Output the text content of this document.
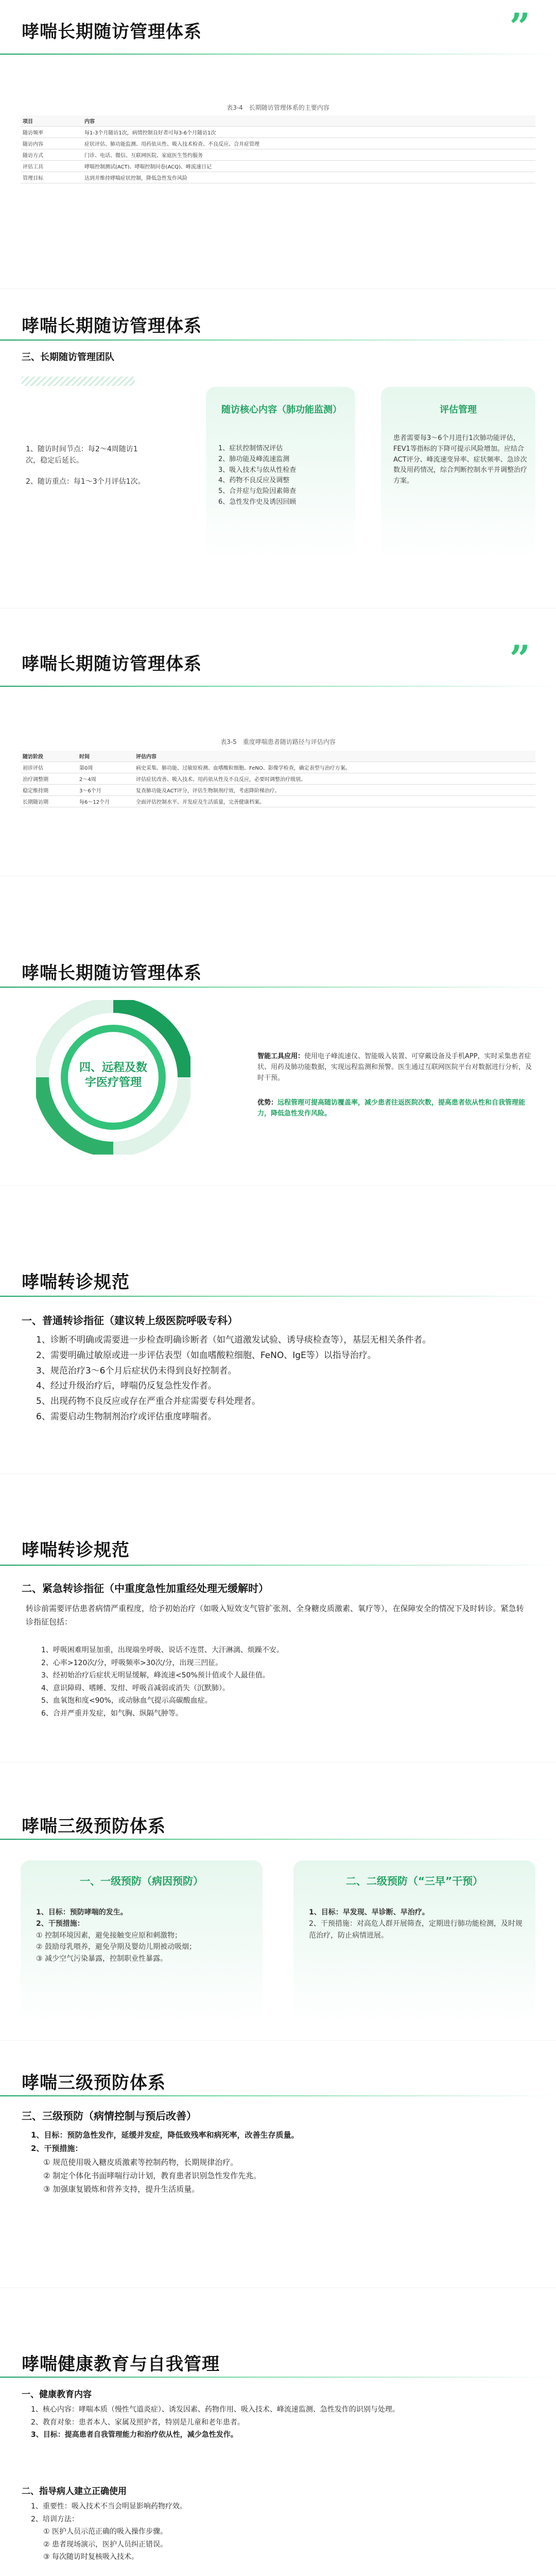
哮喘长期随访管理体系	”
表3-4　长期随访管理体系的主要内容
项目	内容
随访频率	每1-3个月随访1次，病情控制良好者可每3-6个月随访1次
随访内容	症状评估、肺功能监测、用药依从性、吸入技术检查、不良反应、合并症管理
随访方式	门诊、电话、微信、互联网医院、家庭医生签约服务
评估工具	哮喘控制测试(ACT)、哮喘控制问卷(ACQ)、峰流速日记
管理目标	达到并维持哮喘症状控制，降低急性发作风险
哮喘长期随访管理体系
三、长期随访管理团队

1、随访时间节点：每2～4周随访1次，稳定后延长。

2、随访重点：每1～3个月评估1次。

随访核心内容（肺功能监测）

1、症状控制情况评估

2、肺功能及峰流速监测

3、吸入技术与依从性检查

4、药物不良反应及调整

5、合并症与危险因素筛查

6、急性发作史及诱因回顾

评估管理
患者需要每3～6个月进行1次肺功能评估，FEV1等指标的下降可提示风险增加。应结合ACT评分、峰流速变异率、症状频率、急诊次数及用药情况，综合判断控制水平并调整治疗方案。
哮喘长期随访管理体系	”
表3-5　重度哮喘患者随访路径与评估内容
随访阶段	时间	评估内容
初诊评估	第0周	病史采集、肺功能、过敏原检测、血嗜酸粒细胞、FeNO、影像学检查，确定表型与治疗方案。
治疗调整期	2～4周	评估症状改善、吸入技术、用药依从性及不良反应，必要时调整治疗级别。
稳定维持期	3～6个月	复查肺功能及ACT评分，评估生物制剂疗效，考虑降阶梯治疗。
长期随访期	每6～12个月	全面评估控制水平、并发症及生活质量，完善健康档案。
哮喘长期随访管理体系
四、远程及数字医疗管理
智能工具应用：使用电子峰流速仪、智能吸入装置、可穿戴设备及手机APP，实时采集患者症状、用药及肺功能数据，实现远程监测和预警。医生通过互联网医院平台对数据进行分析，及时干预。
优势：远程管理可提高随访覆盖率，减少患者往返医院次数，提高患者依从性和自我管理能力，降低急性发作风险。
哮喘转诊规范
一、普通转诊指征（建议转上级医院呼吸专科）
1、诊断不明确或需要进一步检查明确诊断者（如气道激发试验、诱导痰检查等），基层无相关条件者。
2、需要明确过敏原或进一步评估表型（如血嗜酸粒细胞、FeNO、IgE等）以指导治疗。
3、规范治疗3～6个月后症状仍未得到良好控制者。
4、经过升级治疗后，哮喘仍反复急性发作者。
5、出现药物不良反应或存在严重合并症需要专科处理者。
6、需要启动生物制剂治疗或评估重度哮喘者。
哮喘转诊规范
二、紧急转诊指征（中重度急性加重经处理无缓解时）
转诊前需要评估患者病情严重程度，给予初始治疗（如吸入短效支气管扩张剂、全身糖皮质激素、氧疗等），在保障安全的情况下及时转诊。紧急转诊指征包括：
1、呼吸困难明显加重，出现端坐呼吸、说话不连贯、大汗淋漓、烦躁不安。
2、心率>120次/分，呼吸频率>30次/分，出现三凹征。
3、经初始治疗后症状无明显缓解，峰流速<50%预计值或个人最佳值。
4、意识障碍、嗜睡、发绀、呼吸音减弱或消失（沉默肺）。
5、血氧饱和度<90%，或动脉血气提示高碳酸血症。
6、合并严重并发症，如气胸、纵隔气肿等。
哮喘三级预防体系
一、一级预防（病因预防）

1、目标：预防哮喘的发生。

2、干预措施：

① 控制环境因素，避免接触变应原和刺激物；

② 鼓励母乳喂养，避免孕期及婴幼儿期被动吸烟；

③ 减少空气污染暴露，控制职业性暴露。

二、二级预防（“三早”干预）

1、目标：早发现、早诊断、早治疗。

2、干预措施：对高危人群开展筛查，定期进行肺功能检测，及时规范治疗，防止病情进展。

哮喘三级预防体系
三、三级预防（病情控制与预后改善）
1、目标：预防急性发作，延缓并发症，降低致残率和病死率，改善生存质量。
2、干预措施：
① 规范使用吸入糖皮质激素等控制药物，长期规律治疗。
② 制定个体化书面哮喘行动计划，教育患者识别急性发作先兆。
③ 加强康复锻炼和营养支持，提升生活质量。
哮喘健康教育与自我管理
一、健康教育内容
1、核心内容：哮喘本质（慢性气道炎症）、诱发因素、药物作用、吸入技术、峰流速监测、急性发作的识别与处理。
2、教育对象：患者本人、家属及照护者，特别是儿童和老年患者。
3、目标：提高患者自我管理能力和治疗依从性，减少急性发作。
二、指导病人建立正确使用
1、重要性：吸入技术不当会明显影响药物疗效。
2、培训方法：
① 医护人员示范正确的吸入操作步骤。
② 患者现场演示，医护人员纠正错误。
③ 每次随访时复核吸入技术。
